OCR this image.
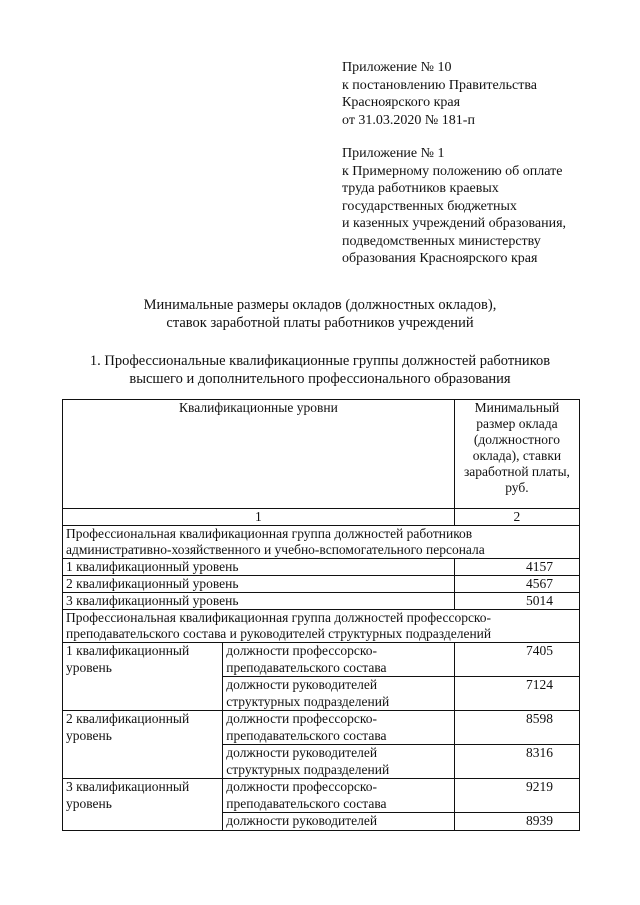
Приложение № 10
к постановлению Правительства
Красноярского края
от 31.03.2020 № 181-п
Приложение № 1
к Примерному положению об оплате
труда работников краевых
государственных бюджетных
и казенных учреждений образования,
подведомственных министерству
образования Красноярского края
Минимальные размеры окладов (должностных окладов),
ставок заработной платы работников учреждений
1. Профессиональные квалификационные группы должностей работников
высшего и дополнительного профессионального образования
Квалификационные уровни		Минимальный размер оклада (должностного оклада), ставки заработной платы, руб.
1		2
Профессиональная квалификационная группа должностей работников административно-хозяйственного и учебно-вспомогательного персонала		
1 квалификационный уровень		4157
2 квалификационный уровень		4567
3 квалификационный уровень		5014
Профессиональная квалификационная группа должностей профессорско-преподавательского состава и руководителей структурных подразделений		
1 квалификационный уровень	должности профессорско-преподавательского состава	7405
	должности руководителей структурных подразделений	7124
2 квалификационный уровень	должности профессорско-преподавательского состава	8598
	должности руководителей структурных подразделений	8316
3 квалификационный уровень	должности профессорско-преподавательского состава	9219
	должности руководителей	8939
